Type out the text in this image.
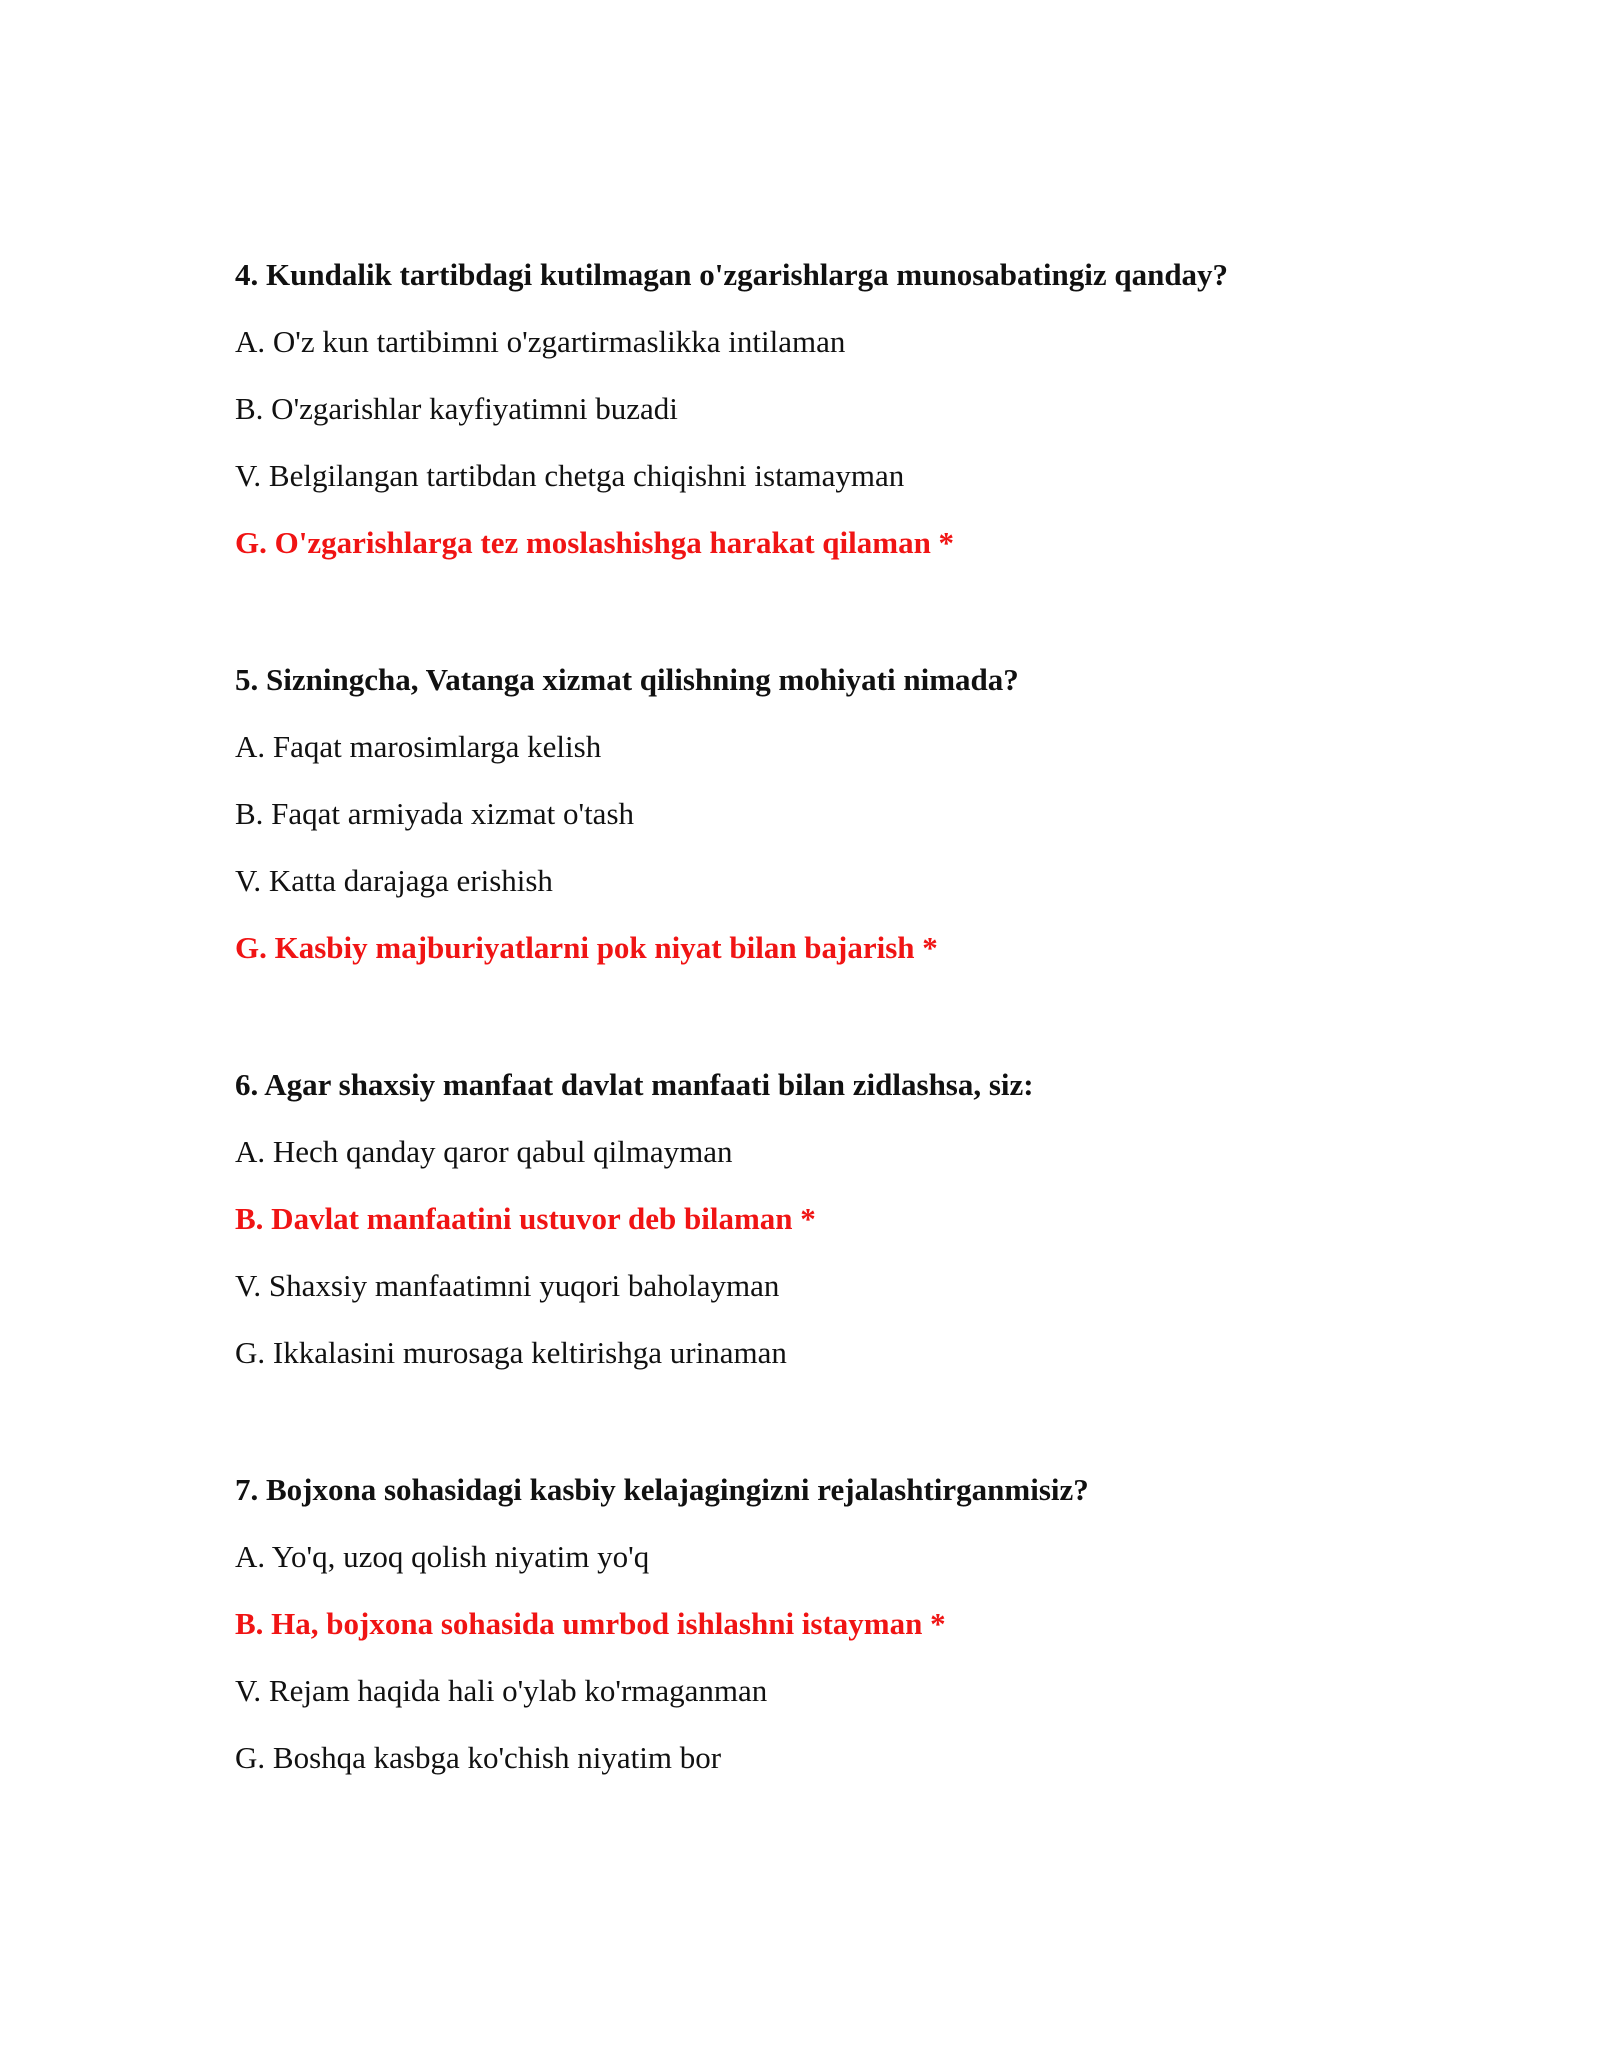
4. Kundalik tartibdagi kutilmagan o'zgarishlarga munosabatingiz qanday?
A. O'z kun tartibimni o'zgartirmaslikka intilaman
B. O'zgarishlar kayfiyatimni buzadi
V. Belgilangan tartibdan chetga chiqishni istamayman
G. O'zgarishlarga tez moslashishga harakat qilaman *
5. Sizningcha, Vatanga xizmat qilishning mohiyati nimada?
A. Faqat marosimlarga kelish
B. Faqat armiyada xizmat o'tash
V. Katta darajaga erishish
G. Kasbiy majburiyatlarni pok niyat bilan bajarish *
6. Agar shaxsiy manfaat davlat manfaati bilan zidlashsa, siz:
A. Hech qanday qaror qabul qilmayman
B. Davlat manfaatini ustuvor deb bilaman *
V. Shaxsiy manfaatimni yuqori baholayman
G. Ikkalasini murosaga keltirishga urinaman
7. Bojxona sohasidagi kasbiy kelajagingizni rejalashtirganmisiz?
A. Yo'q, uzoq qolish niyatim yo'q
B. Ha, bojxona sohasida umrbod ishlashni istayman *
V. Rejam haqida hali o'ylab ko'rmaganman
G. Boshqa kasbga ko'chish niyatim bor
